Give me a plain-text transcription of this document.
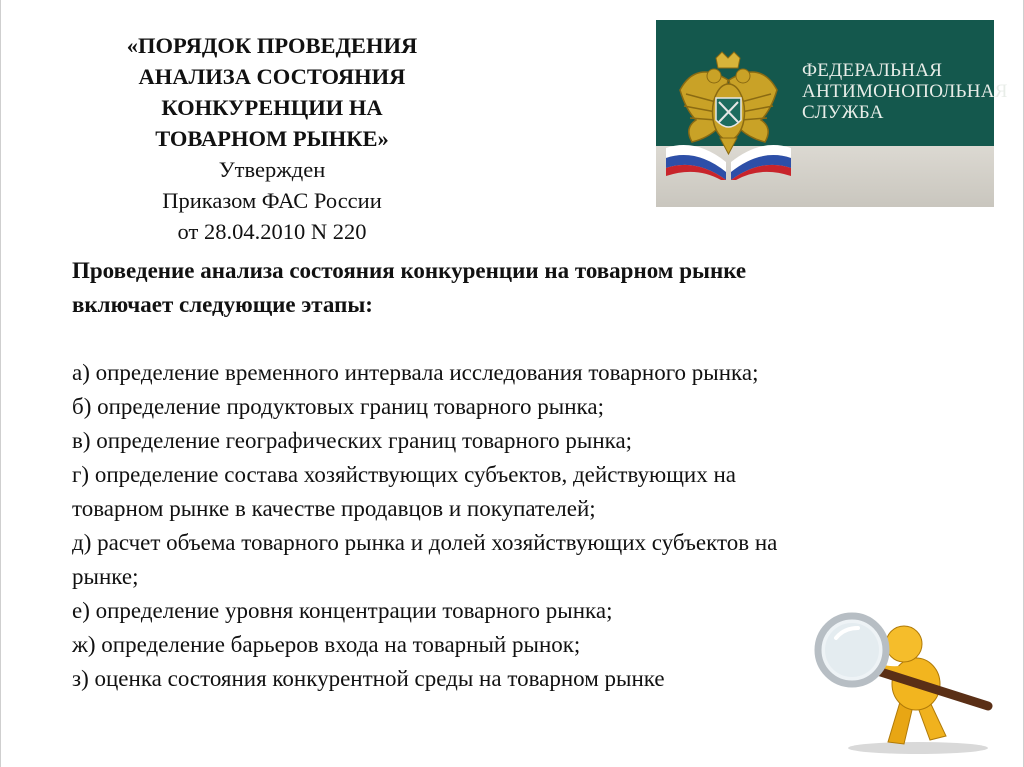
«ПОРЯДОК ПРОВЕДЕНИЯ
АНАЛИЗА СОСТОЯНИЯ
КОНКУРЕНЦИИ НА
ТОВАРНОМ РЫНКЕ»
Утвержден
Приказом ФАС России
от 28.04.2010 N 220
ФЕДЕРАЛЬНАЯ
АНТИМОНОПОЛЬНАЯ
СЛУЖБА
Проведение анализа состояния конкуренции на товарном рынке
включает следующие этапы:
а) определение временного интервала исследования товарного рынка;
б) определение продуктовых границ товарного рынка;
в) определение географических границ товарного рынка;
г) определение состава хозяйствующих субъектов, действующих на
товарном рынке в качестве продавцов и покупателей;
д) расчет объема товарного рынка и долей хозяйствующих субъектов на
рынке;
е) определение уровня концентрации товарного рынка;
ж) определение барьеров входа на товарный рынок;
з) оценка состояния конкурентной среды на товарном рынке
